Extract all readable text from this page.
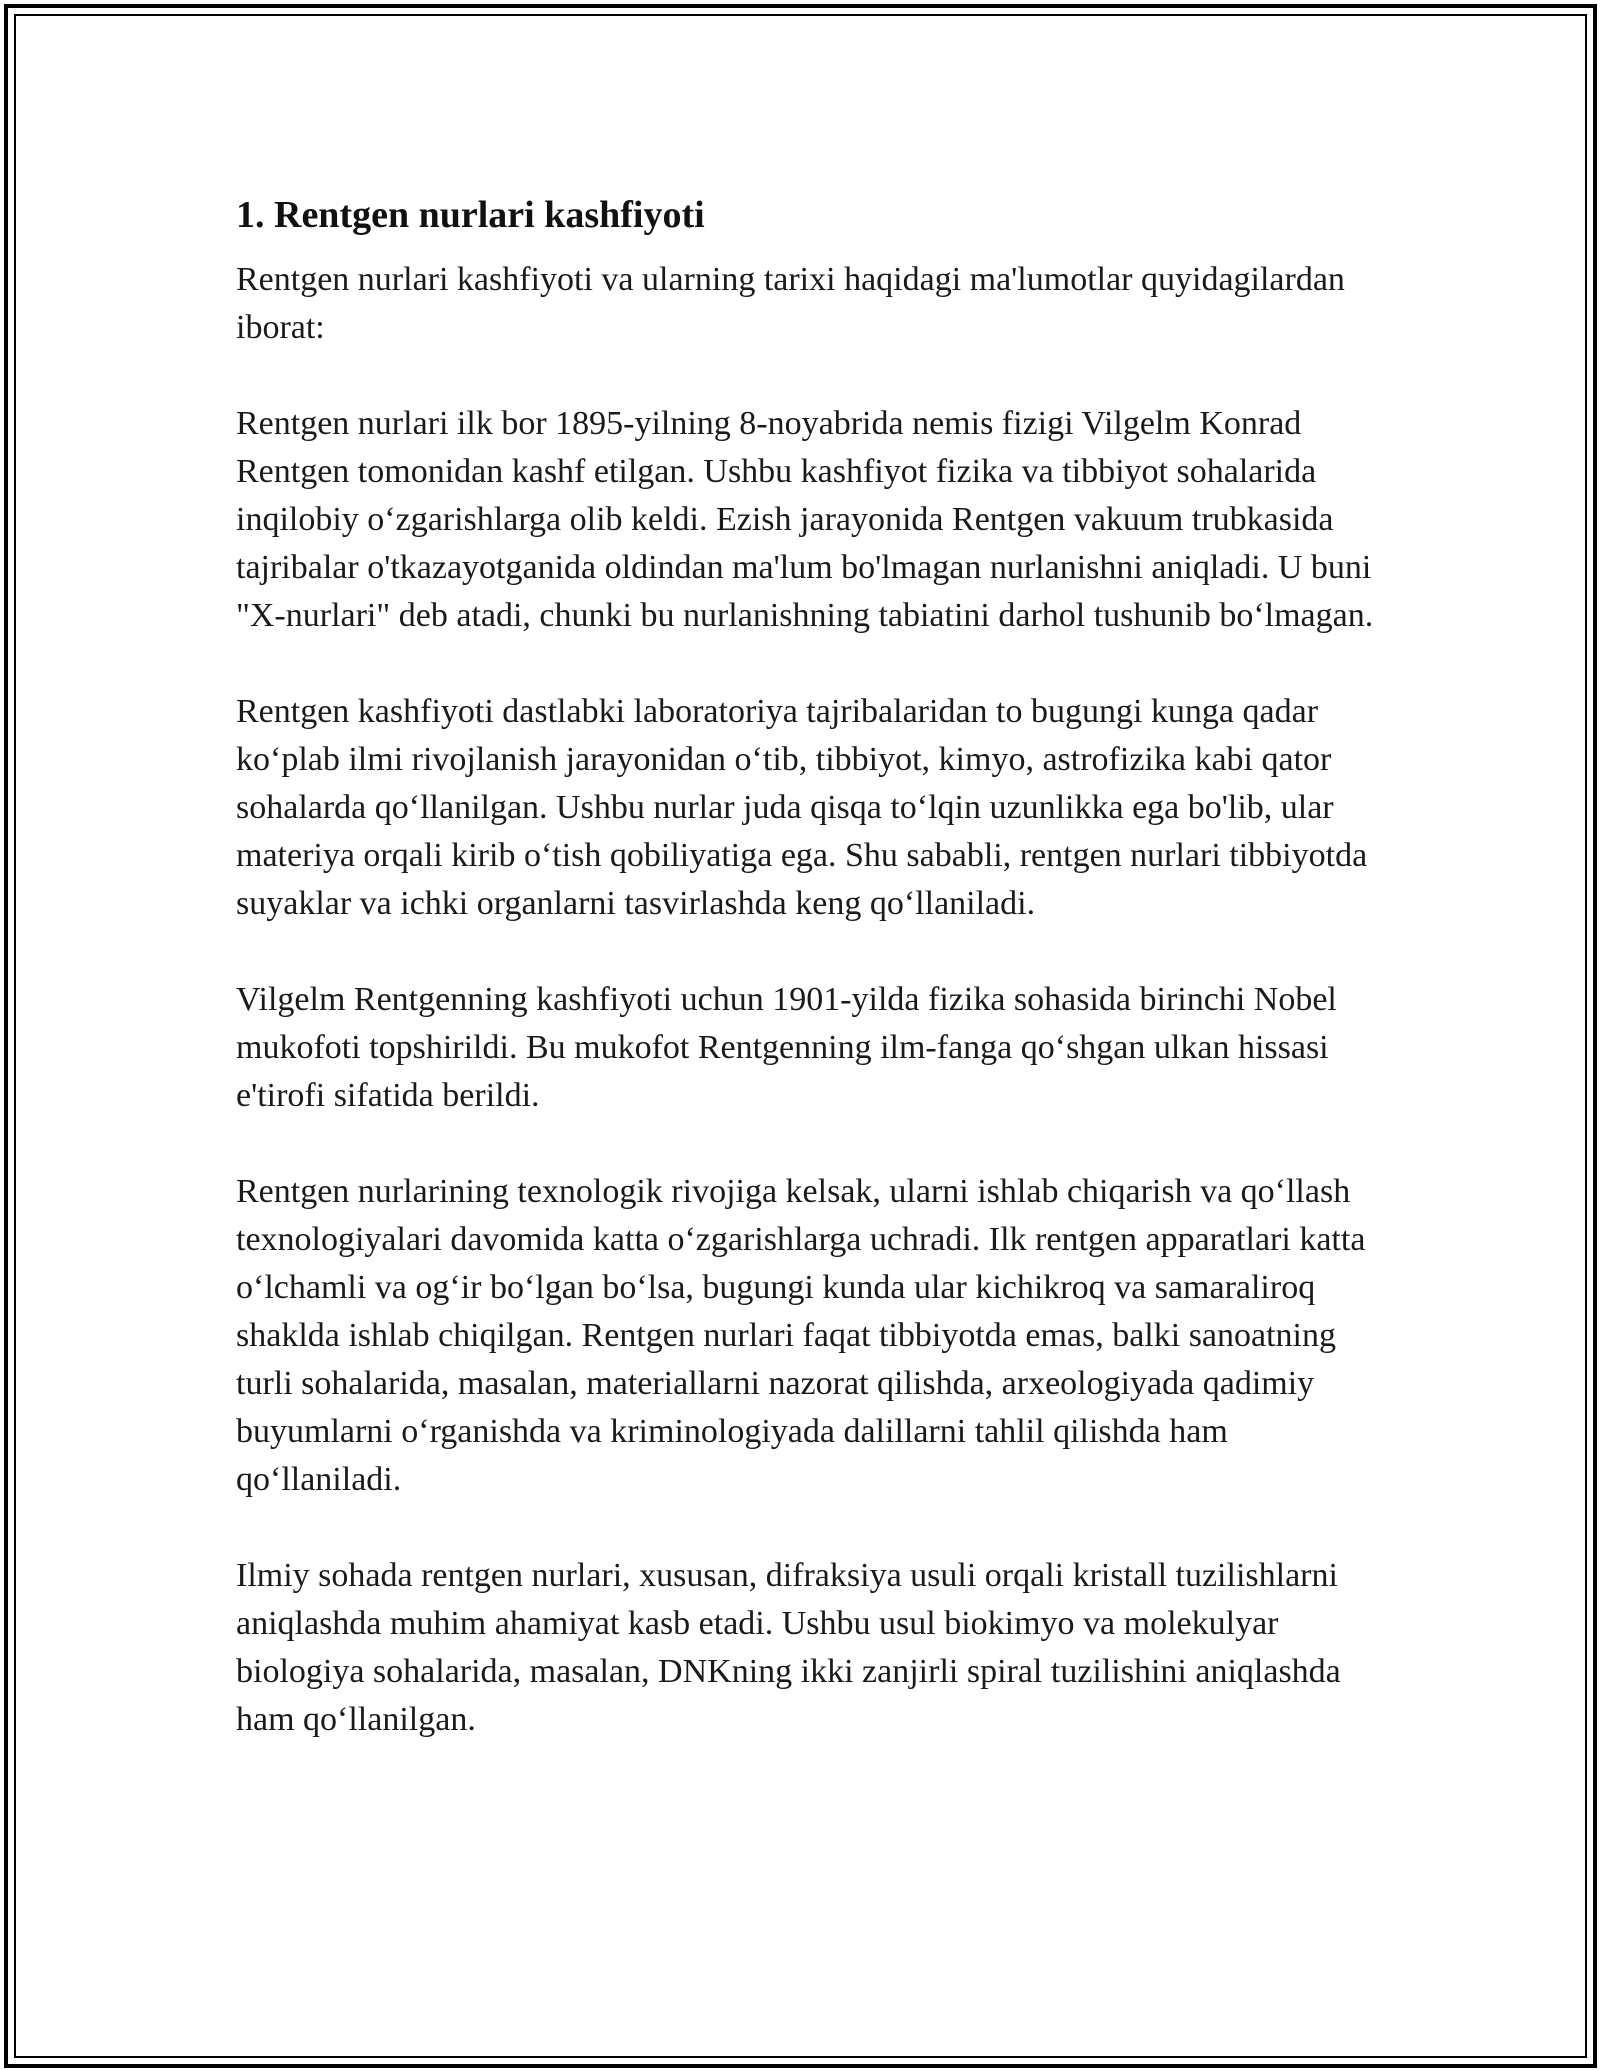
1. Rentgen nurlari kashfiyoti

Rentgen nurlari kashfiyoti va ularning tarixi haqidagi ma'lumotlar quyidagilardan iborat:

Rentgen nurlari ilk bor 1895-yilning 8-noyabrida nemis fizigi Vilgelm Konrad Rentgen tomonidan kashf etilgan. Ushbu kashfiyot fizika va tibbiyot sohalarida inqilobiy oʻzgarishlarga olib keldi. Ezish jarayonida Rentgen vakuum trubkasida tajribalar o'tkazayotganida oldindan ma'lum bo'lmagan nurlanishni aniqladi. U buni "X-nurlari" deb atadi, chunki bu nurlanishning tabiatini darhol tushunib boʻlmagan.

Rentgen kashfiyoti dastlabki laboratoriya tajribalaridan to bugungi kunga qadar koʻplab ilmi rivojlanish jarayonidan oʻtib, tibbiyot, kimyo, astrofizika kabi qator sohalarda qoʻllanilgan. Ushbu nurlar juda qisqa toʻlqin uzunlikka ega bo'lib, ular materiya orqali kirib oʻtish qobiliyatiga ega. Shu sababli, rentgen nurlari tibbiyotda suyaklar va ichki organlarni tasvirlashda keng qoʻllaniladi.

Vilgelm Rentgenning kashfiyoti uchun 1901-yilda fizika sohasida birinchi Nobel mukofoti topshirildi. Bu mukofot Rentgenning ilm-fanga qoʻshgan ulkan hissasi e'tirofi sifatida berildi.

Rentgen nurlarining texnologik rivojiga kelsak, ularni ishlab chiqarish va qoʻllash texnologiyalari davomida katta oʻzgarishlarga uchradi. Ilk rentgen apparatlari katta oʻlchamli va ogʻir boʻlgan boʻlsa, bugungi kunda ular kichikroq va samaraliroq shaklda ishlab chiqilgan. Rentgen nurlari faqat tibbiyotda emas, balki sanoatning turli sohalarida, masalan, materiallarni nazorat qilishda, arxeologiyada qadimiy buyumlarni oʻrganishda va kriminologiyada dalillarni tahlil qilishda ham qoʻllaniladi.

Ilmiy sohada rentgen nurlari, xususan, difraksiya usuli orqali kristall tuzilishlarni aniqlashda muhim ahamiyat kasb etadi. Ushbu usul biokimyo va molekulyar biologiya sohalarida, masalan, DNKning ikki zanjirli spiral tuzilishini aniqlashda ham qoʻllanilgan.
